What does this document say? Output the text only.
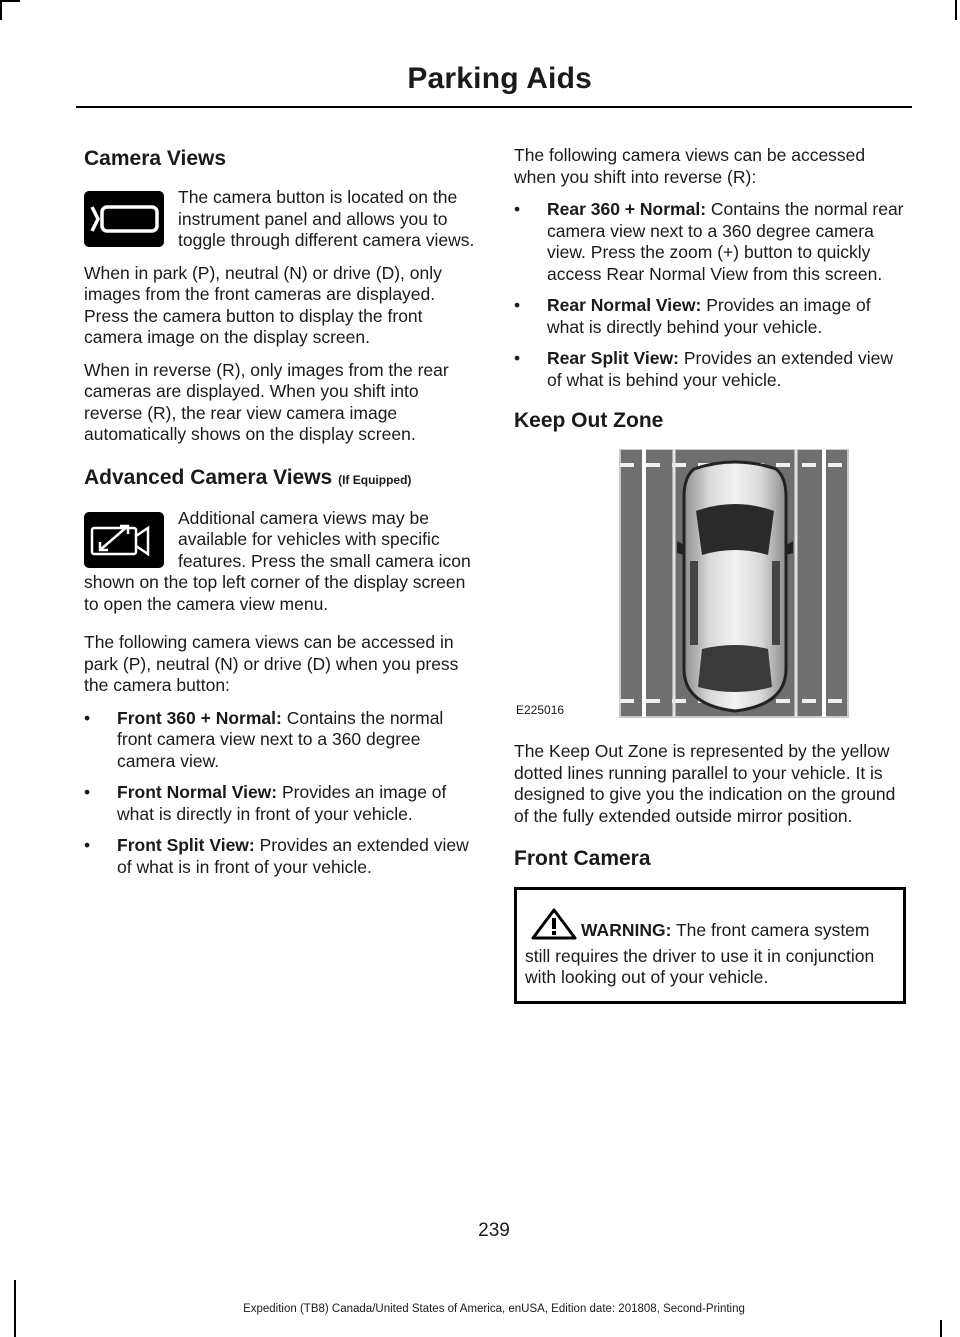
Parking Aids
Camera Views

The camera button is located on the instrument panel and allows you to toggle through different camera views.

When in park (P), neutral (N) or drive (D), only images from the front cameras are displayed. Press the camera button to display the front camera image on the display screen.

When in reverse (R), only images from the rear cameras are displayed. When you shift into reverse (R), the rear view camera image automatically shows on the display screen.

Advanced Camera Views (If Equipped)

Additional camera views may be available for vehicles with specific features. Press the small camera icon shown on the top left corner of the display screen to open the camera view menu.

The following camera views can be accessed in park (P), neutral (N) or drive (D) when you press the camera button:

• Front 360 + Normal: Contains the normal front camera view next to a 360 degree camera view.
• Front Normal View: Provides an image of what is directly in front of your vehicle.
• Front Split View: Provides an extended view of what is in front of your vehicle.

The following camera views can be accessed when you shift into reverse (R):

• Rear 360 + Normal: Contains the normal rear camera view next to a 360 degree camera view. Press the zoom (+) button to quickly access Rear Normal View from this screen.
• Rear Normal View: Provides an image of what is directly behind your vehicle.
• Rear Split View: Provides an extended view of what is behind your vehicle.
Keep Out Zone
E225016

The Keep Out Zone is represented by the yellow dotted lines running parallel to your vehicle. It is designed to give you the indication on the ground of the fully extended outside mirror position.

Front Camera

WARNING: The front camera system still requires the driver to use it in conjunction with looking out of your vehicle.

239
Expedition (TB8) Canada/United States of America, enUSA, Edition date: 201808, Second-Printing
